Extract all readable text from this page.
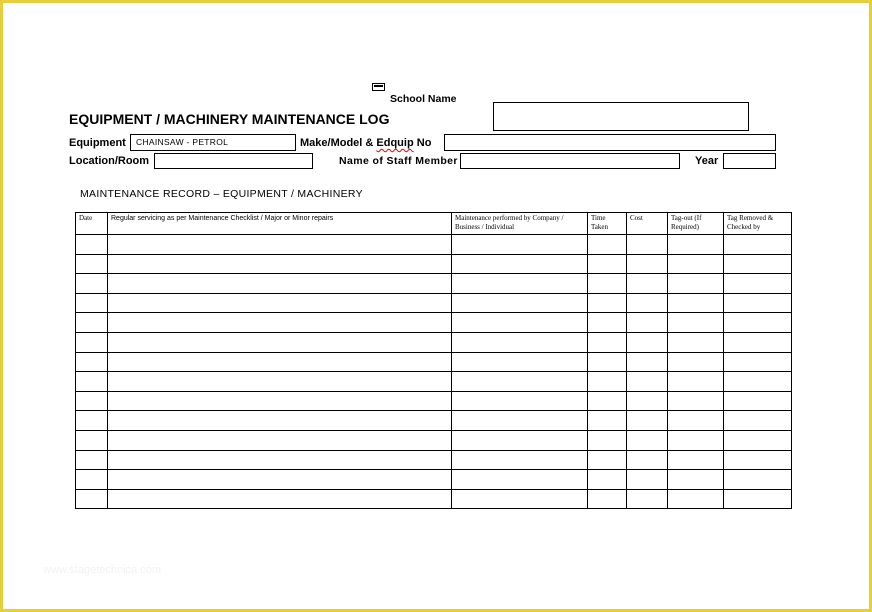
School Name
EQUIPMENT / MACHINERY MAINTENANCE LOG
Equipment CHAINSAW - PETROL	Make/Model & Edquip No
Location/Room	Name of Staff Member	Year
MAINTENANCE RECORD – EQUIPMENT / MACHINERY
Date	Regular servicing as per Maintenance Checklist / Major or Minor repairs	Maintenance performed by Company / Business / Individual	Time Taken	Cost	Tag-out (If Required)	Tag Removed & Checked by

www.stagetechnica.com
